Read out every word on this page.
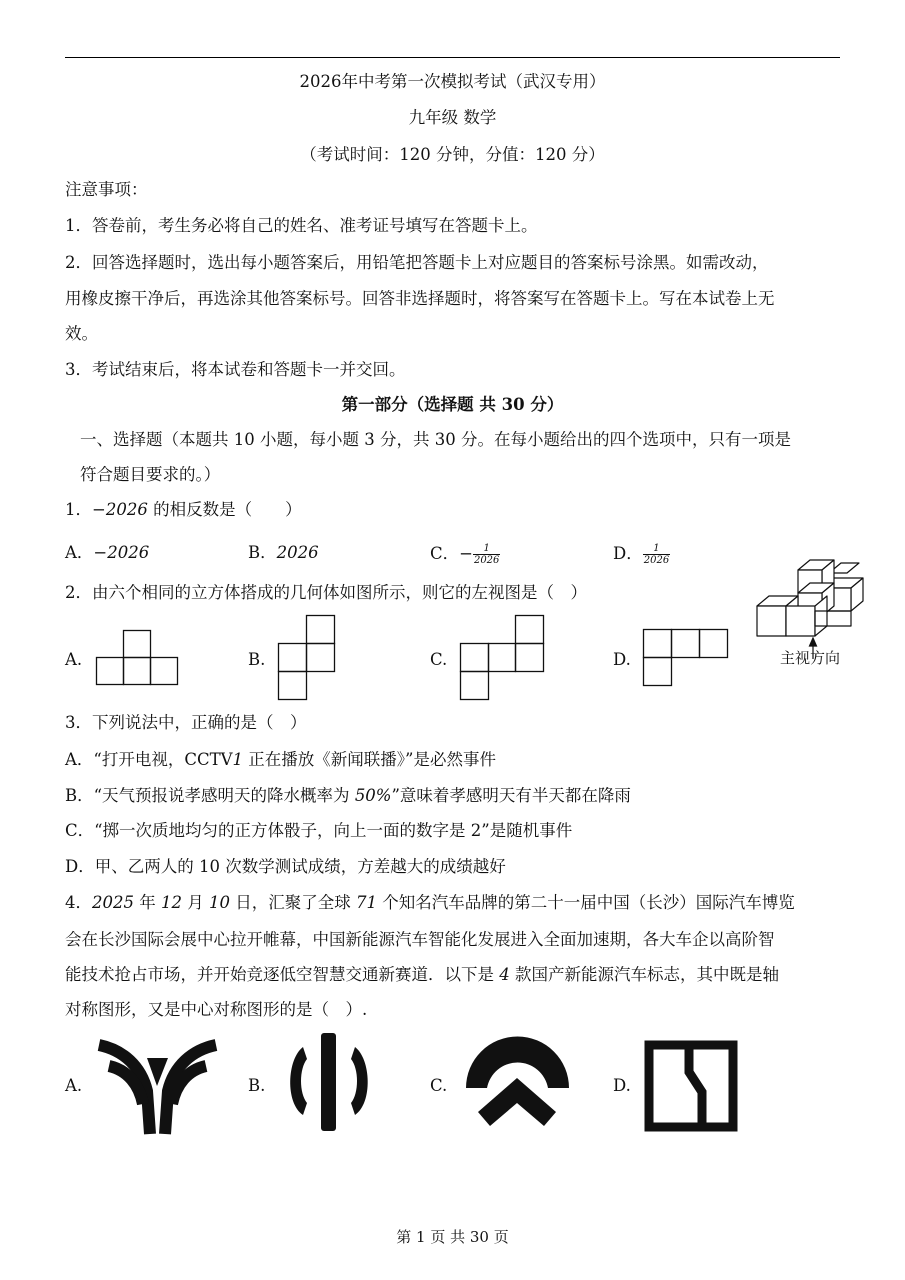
2026年中考第一次模拟考试（武汉专用）
九年级 数学
（考试时间：120 分钟，分值：120 分）
注意事项：
1．答卷前，考生务必将自己的姓名、准考证号填写在答题卡上。
2．回答选择题时，选出每小题答案后，用铅笔把答题卡上对应题目的答案标号涂黑。如需改动，
用橡皮擦干净后，再选涂其他答案标号。回答非选择题时，将答案写在答题卡上。写在本试卷上无
效。
3．考试结束后，将本试卷和答题卡一并交回。
第一部分（选择题 共 30 分）
一、选择题（本题共 10 小题，每小题 3 分，共 30 分。在每小题给出的四个选项中，只有一项是
符合题目要求的。）
1．−2026 的相反数是（　　）
A．−2026	B．2026	C．− $\frac{1}{2026}$	D． $\frac{1}{2026}$
2．由六个相同的立方体搭成的几何体如图所示，则它的左视图是（　）
A.	B.	C.	D.	主视方向
3．下列说法中，正确的是（　）
A．“打开电视，CCTV1 正在播放《新闻联播》”是必然事件
B．“天气预报说孝感明天的降水概率为 50%”意味着孝感明天有半天都在降雨
C．“掷一次质地均匀的正方体骰子，向上一面的数字是 2”是随机事件
D．甲、乙两人的 10 次数学测试成绩，方差越大的成绩越好
4．2025 年 12 月 10 日，汇聚了全球 71 个知名汽车品牌的第二十一届中国（长沙）国际汽车博览
会在长沙国际会展中心拉开帷幕，中国新能源汽车智能化发展进入全面加速期，各大车企以高阶智
能技术抢占市场，并开始竞逐低空智慧交通新赛道．以下是 4 款国产新能源汽车标志，其中既是轴
对称图形，又是中心对称图形的是（　）.
A.	B.	C.	D.
第 1 页 共 30 页
